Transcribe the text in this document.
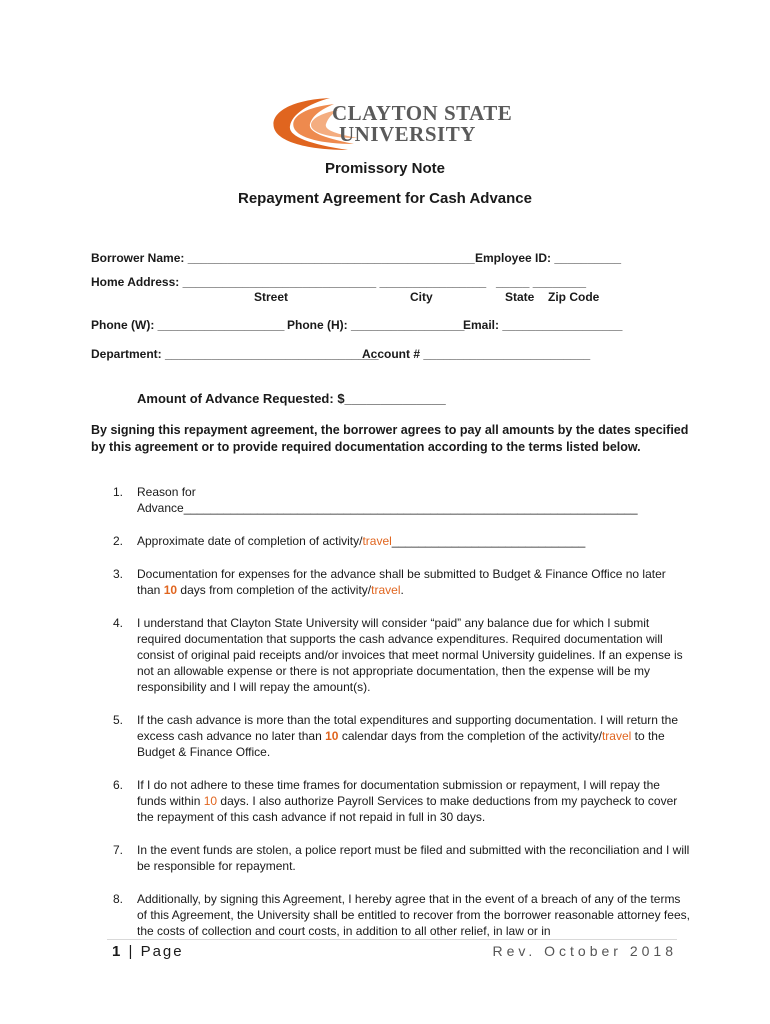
CLAYTON STATE
UNIVERSITY
Promissory Note
Repayment Agreement for Cash Advance
Borrower Name: ___________________________________________ Employee ID: __________
Home Address: _____________________________ ________________ _____ ________
Street	City	State Zip Code
Phone (W): ___________________ Phone (H): _________________
Email: __________________
Department: ________________________________
Account # _________________________
Amount of Advance Requested: $______________
By signing this repayment agreement, the borrower agrees to pay all amounts by the dates specified by this agreement or to provide required documentation according to the terms listed below.
1. Reason for Advance____________________________________________________________________
2. Approximate date of completion of activity/travel_____________________________
3. Documentation for expenses for the advance shall be submitted to Budget & Finance Office no later than 10 days from completion of the activity/travel.
4. I understand that Clayton State University will consider “paid” any balance due for which I submit required documentation that supports the cash advance expenditures. Required documentation will consist of original paid receipts and/or invoices that meet normal University guidelines. If an expense is not an allowable expense or there is not appropriate documentation, then the expense will be my responsibility and I will repay the amount(s).
5. If the cash advance is more than the total expenditures and supporting documentation. I will return the excess cash advance no later than 10 calendar days from the completion of the activity/travel to the Budget & Finance Office.
6. If I do not adhere to these time frames for documentation submission or repayment, I will repay the funds within 10 days. I also authorize Payroll Services to make deductions from my paycheck to cover the repayment of this cash advance if not repaid in full in 30 days.
7. In the event funds are stolen, a police report must be filed and submitted with the reconciliation and I will be responsible for repayment.
8. Additionally, by signing this Agreement, I hereby agree that in the event of a breach of any of the terms of this Agreement, the University shall be entitled to recover from the borrower reasonable attorney fees, the costs of collection and court costs, in addition to all other relief, in law or in
1 | Page	Rev. October 2018
